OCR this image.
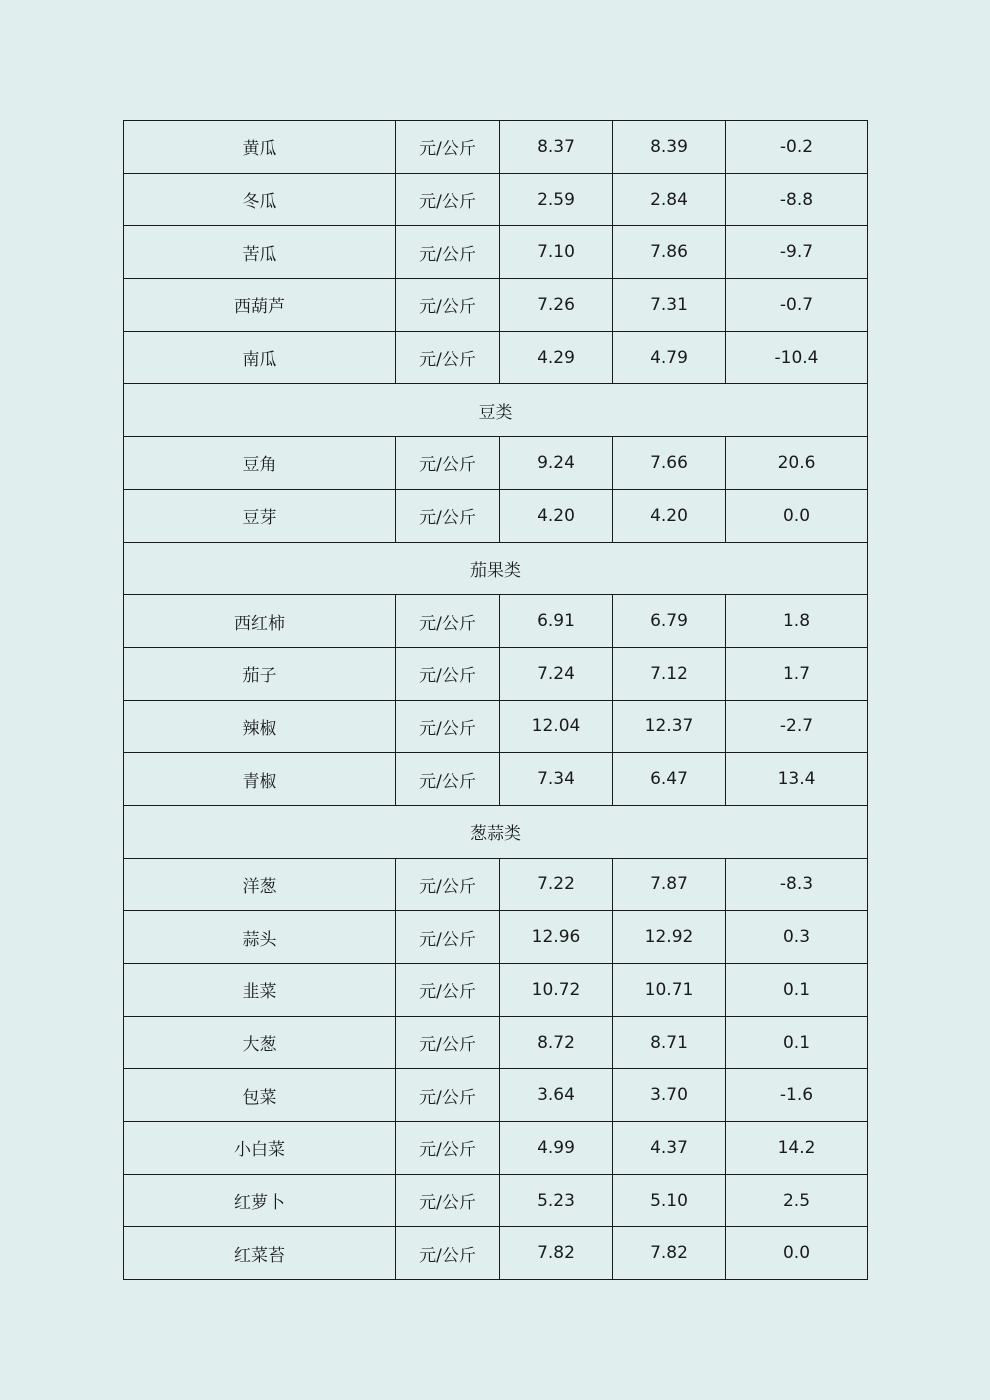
黄瓜	元/公斤	8.37	8.39	-0.2
冬瓜	元/公斤	2.59	2.84	-8.8
苦瓜	元/公斤	7.10	7.86	-9.7
西葫芦	元/公斤	7.26	7.31	-0.7
南瓜	元/公斤	4.29	4.79	-10.4
豆类				
豆角	元/公斤	9.24	7.66	20.6
豆芽	元/公斤	4.20	4.20	0.0
茄果类				
西红柿	元/公斤	6.91	6.79	1.8
茄子	元/公斤	7.24	7.12	1.7
辣椒	元/公斤	12.04	12.37	-2.7
青椒	元/公斤	7.34	6.47	13.4
葱蒜类				
洋葱	元/公斤	7.22	7.87	-8.3
蒜头	元/公斤	12.96	12.92	0.3
韭菜	元/公斤	10.72	10.71	0.1
大葱	元/公斤	8.72	8.71	0.1
包菜	元/公斤	3.64	3.70	-1.6
小白菜	元/公斤	4.99	4.37	14.2
红萝卜	元/公斤	5.23	5.10	2.5
红菜苔	元/公斤	7.82	7.82	0.0
